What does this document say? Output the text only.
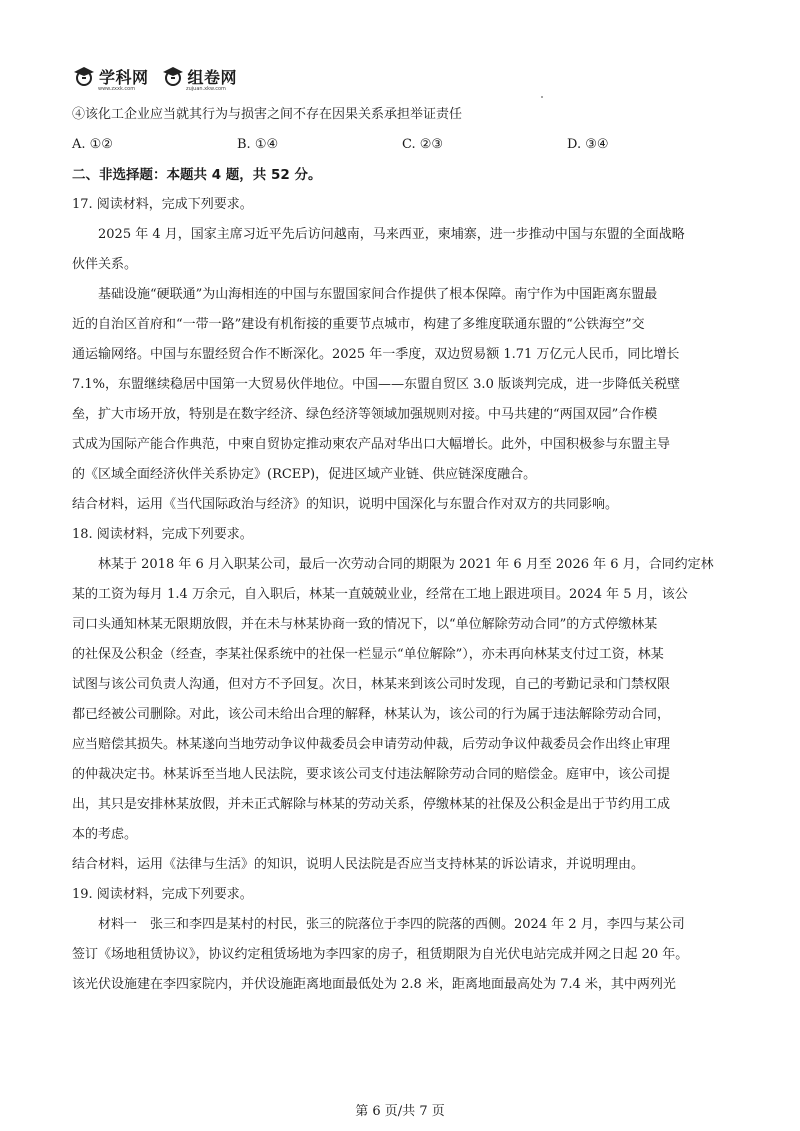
学科网 组卷网
www.zxxk.com	zujuan.xkw.com
④该化工企业应当就其行为与损害之间不存在因果关系承担举证责任
A. ①②	B. ①④	C. ②③	D. ③④
二、非选择题：本题共 4 题，共 52 分。
17. 阅读材料，完成下列要求。
2025 年 4 月，国家主席习近平先后访问越南，马来西亚，柬埔寨，进一步推动中国与东盟的全面战略
伙伴关系。
基础设施“硬联通”为山海相连的中国与东盟国家间合作提供了根本保障。南宁作为中国距离东盟最
近的自治区首府和“一带一路”建设有机衔接的重要节点城市，构建了多维度联通东盟的“公铁海空”交
通运输网络。中国与东盟经贸合作不断深化。2025 年一季度，双边贸易额 1.71 万亿元人民币，同比增长
7.1%，东盟继续稳居中国第一大贸易伙伴地位。中国——东盟自贸区 3.0 版谈判完成，进一步降低关税壁
垒，扩大市场开放，特别是在数字经济、绿色经济等领域加强规则对接。中马共建的“两国双园”合作模
式成为国际产能合作典范，中柬自贸协定推动柬农产品对华出口大幅增长。此外，中国积极参与东盟主导
的《区域全面经济伙伴关系协定》(RCEP)，促进区域产业链、供应链深度融合。
结合材料，运用《当代国际政治与经济》的知识，说明中国深化与东盟合作对双方的共同影响。
18. 阅读材料，完成下列要求。
林某于 2018 年 6 月入职某公司，最后一次劳动合同的期限为 2021 年 6 月至 2026 年 6 月，合同约定林
某的工资为每月 1.4 万余元，自入职后，林某一直兢兢业业，经常在工地上跟进项目。2024 年 5 月，该公
司口头通知林某无限期放假，并在未与林某协商一致的情况下，以“单位解除劳动合同”的方式停缴林某
的社保及公积金（经查，李某社保系统中的社保一栏显示“单位解除”），亦未再向林某支付过工资，林某
试图与该公司负责人沟通，但对方不予回复。次日，林某来到该公司时发现，自己的考勤记录和门禁权限
都已经被公司删除。对此，该公司未给出合理的解释，林某认为，该公司的行为属于违法解除劳动合同，
应当赔偿其损失。林某遂向当地劳动争议仲裁委员会申请劳动仲裁，后劳动争议仲裁委员会作出终止审理
的仲裁决定书。林某诉至当地人民法院，要求该公司支付违法解除劳动合同的赔偿金。庭审中，该公司提
出，其只是安排林某放假，并未正式解除与林某的劳动关系，停缴林某的社保及公积金是出于节约用工成
本的考虑。
结合材料，运用《法律与生活》的知识，说明人民法院是否应当支持林某的诉讼请求，并说明理由。
19. 阅读材料，完成下列要求。
材料一　张三和李四是某村的村民，张三的院落位于李四的院落的西侧。2024 年 2 月，李四与某公司
签订《场地租赁协议》，协议约定租赁场地为李四家的房子，租赁期限为自光伏电站完成并网之日起 20 年。
该光伏设施建在李四家院内，并伏设施距离地面最低处为 2.8 米，距离地面最高处为 7.4 米，其中两列光
第 6 页/共 7 页
